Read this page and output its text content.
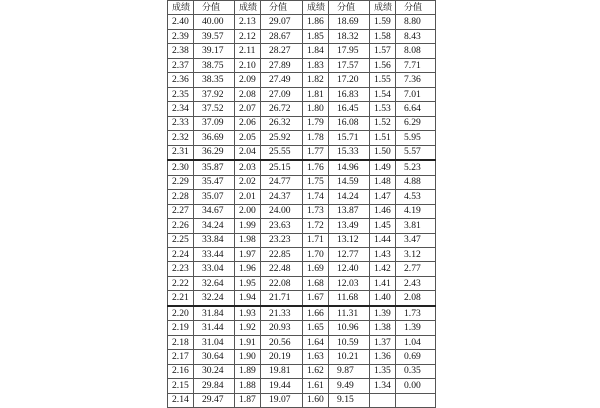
成绩	分值	成绩	分值	成绩	分值	成绩	分值
2.40	40.00	2.13	29.07	1.86	18.69	1.59	8.80
2.39	39.57	2.12	28.67	1.85	18.32	1.58	8.43
2.38	39.17	2.11	28.27	1.84	17.95	1.57	8.08
2.37	38.75	2.10	27.89	1.83	17.57	1.56	7.71
2.36	38.35	2.09	27.49	1.82	17.20	1.55	7.36
2.35	37.92	2.08	27.09	1.81	16.83	1.54	7.01
2.34	37.52	2.07	26.72	1.80	16.45	1.53	6.64
2.33	37.09	2.06	26.32	1.79	16.08	1.52	6.29
2.32	36.69	2.05	25.92	1.78	15.71	1.51	5.95
2.31	36.29	2.04	25.55	1.77	15.33	1.50	5.57
2.30	35.87	2.03	25.15	1.76	14.96	1.49	5.23
2.29	35.47	2.02	24.77	1.75	14.59	1.48	4.88
2.28	35.07	2.01	24.37	1.74	14.24	1.47	4.53
2.27	34.67	2.00	24.00	1.73	13.87	1.46	4.19
2.26	34.24	1.99	23.63	1.72	13.49	1.45	3.81
2.25	33.84	1.98	23.23	1.71	13.12	1.44	3.47
2.24	33.44	1.97	22.85	1.70	12.77	1.43	3.12
2.23	33.04	1.96	22.48	1.69	12.40	1.42	2.77
2.22	32.64	1.95	22.08	1.68	12.03	1.41	2.43
2.21	32.24	1.94	21.71	1.67	11.68	1.40	2.08
2.20	31.84	1.93	21.33	1.66	11.31	1.39	1.73
2.19	31.44	1.92	20.93	1.65	10.96	1.38	1.39
2.18	31.04	1.91	20.56	1.64	10.59	1.37	1.04
2.17	30.64	1.90	20.19	1.63	10.21	1.36	0.69
2.16	30.24	1.89	19.81	1.62	9.87	1.35	0.35
2.15	29.84	1.88	19.44	1.61	9.49	1.34	0.00
2.14	29.47	1.87	19.07	1.60	9.15		
